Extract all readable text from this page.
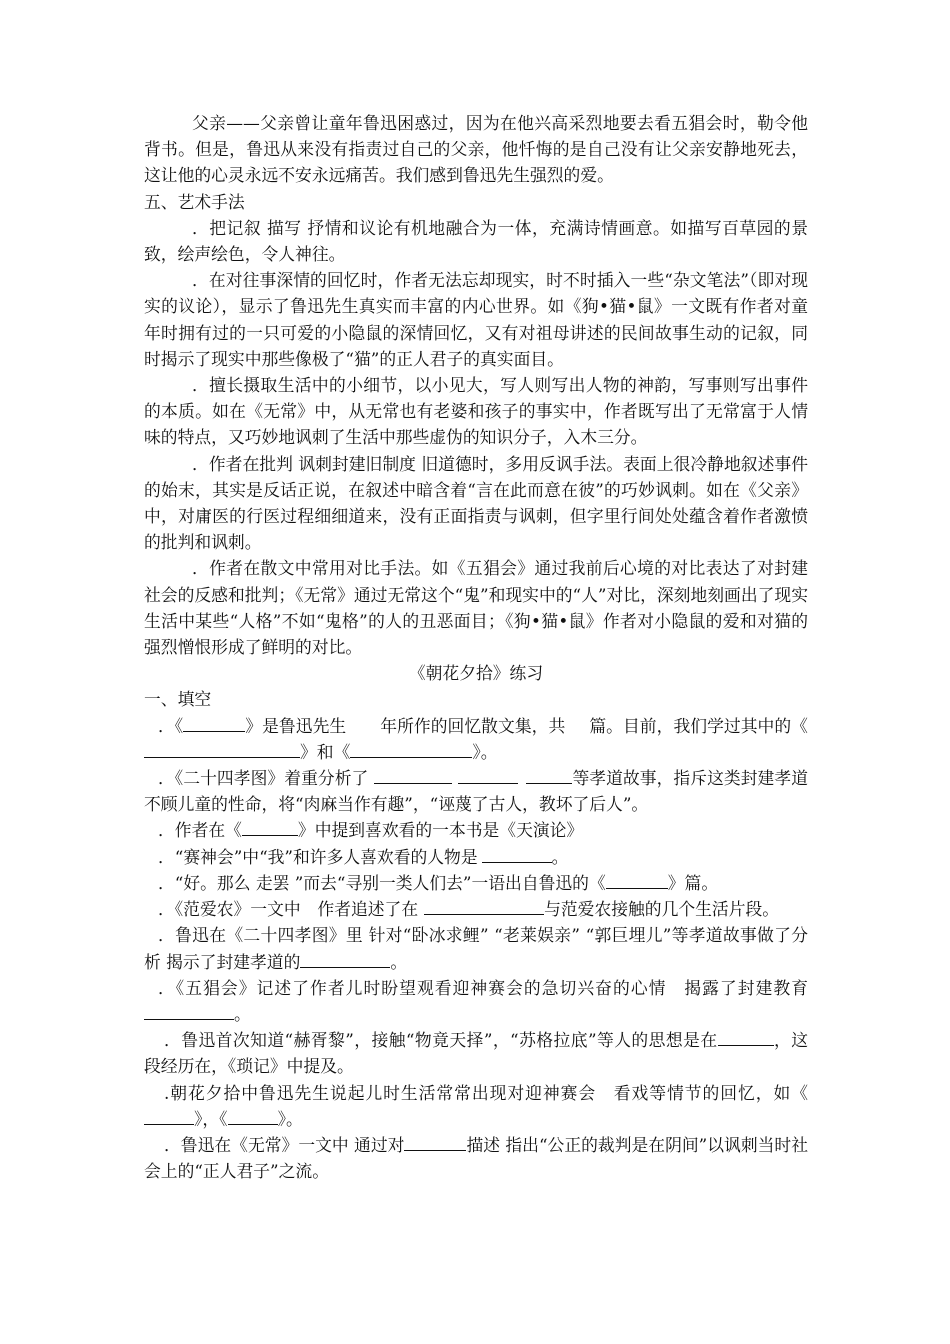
父亲——父亲曾让童年鲁迅困惑过，因为在他兴高采烈地要去看五猖会时，勒令他背书。但是，鲁迅从来没有指责过自己的父亲，他忏悔的是自己没有让父亲安静地死去，这让他的心灵永远不安永远痛苦。我们感到鲁迅先生强烈的爱。

五、艺术手法

．把记叙 描写 抒情和议论有机地融合为一体，充满诗情画意。如描写百草园的景致，绘声绘色，令人神往。

．在对往事深情的回忆时，作者无法忘却现实，时不时插入一些“杂文笔法”（即对现实的议论），显示了鲁迅先生真实而丰富的内心世界。如《狗•猫•鼠》一文既有作者对童年时拥有过的一只可爱的小隐鼠的深情回忆，又有对祖母讲述的民间故事生动的记叙，同时揭示了现实中那些像极了“猫”的正人君子的真实面目。

．擅长摄取生活中的小细节，以小见大，写人则写出人物的神韵，写事则写出事件的本质。如在《无常》中，从无常也有老婆和孩子的事实中，作者既写出了无常富于人情味的特点，又巧妙地讽刺了生活中那些虚伪的知识分子，入木三分。

．作者在批判 讽刺封建旧制度 旧道德时，多用反讽手法。表面上很冷静地叙述事件的始末，其实是反话正说，在叙述中暗含着“言在此而意在彼”的巧妙讽刺。如在《父亲》中，对庸医的行医过程细细道来，没有正面指责与讽刺，但字里行间处处蕴含着作者激愤的批判和讽刺。

．作者在散文中常用对比手法。如《五猖会》通过我前后心境的对比表达了对封建社会的反感和批判；《无常》通过无常这个“鬼”和现实中的“人”对比，深刻地刻画出了现实生活中某些“人格”不如“鬼格”的人的丑恶面目；《狗•猫•鼠》作者对小隐鼠的爱和对猫的强烈憎恨形成了鲜明的对比。

《朝花夕拾》练习

一、填空

．《	》是鲁迅先生 年所作的回忆散文集，共 篇。目前，我们学过其中的《》和《	》。

．《二十四孝图》着重分析了	等孝道故事，指斥这类封建孝道不顾儿童的性命，将“肉麻当作有趣”，“诬蔑了古人，教坏了后人”。

．作者在《	》中提到喜欢看的一本书是《天演论》

．“赛神会”中“我”和许多人喜欢看的人物是	。

．“好。那么 走罢 ”而去“寻别一类人们去”一语出自鲁迅的《	》篇。

．《范爱农》一文中　作者追述了在	与范爱农接触的几个生活片段。

．鲁迅在《二十四孝图》里 针对“卧冰求鲤” “老莱娱亲” “郭巨埋儿”等孝道故事做了分析 揭示了封建孝道的	。

．《五猖会》记述了作者儿时盼望观看迎神赛会的急切兴奋的心情　揭露了封建教育。

．鲁迅首次知道“赫胥黎”，接触“物竟天择”，“苏格拉底”等人的思想是在	，这段经历在，《琐记》中提及。

.朝花夕拾中鲁迅先生说起儿时生活常常出现对迎神赛会　看戏等情节的回忆，如《》，《	》。

．鲁迅在《无常》一文中 通过对	描述 指出“公正的裁判是在阴间”以讽刺当时社会上的“正人君子”之流。
